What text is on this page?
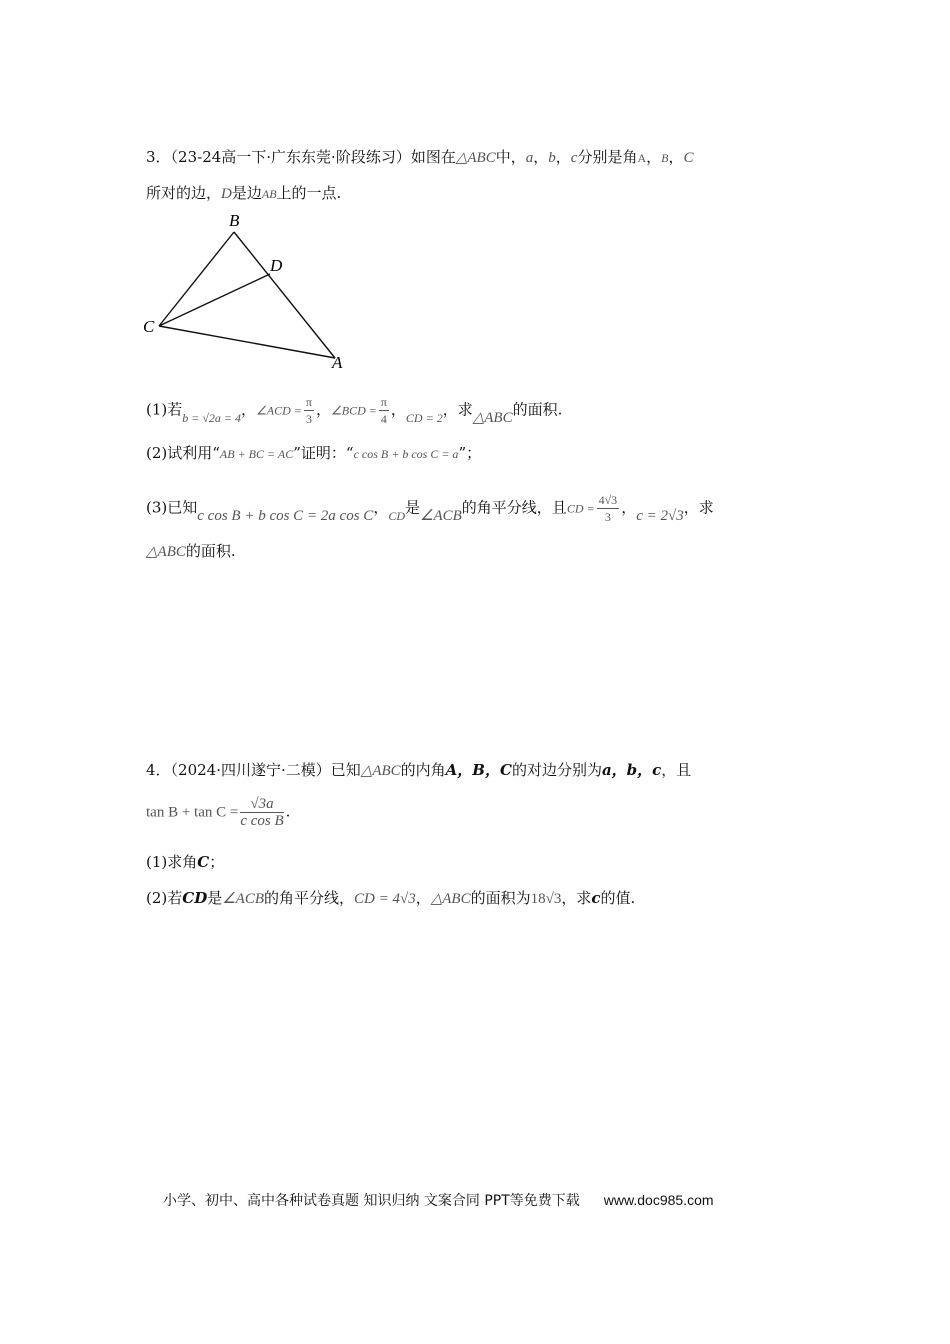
3．（23-24高一下·广东东莞·阶段练习）如图在△ABC中，a，b，c分别是角A，B，C
所对的边，D是边AB上的一点.
B
D
C
A
(1)若$_{b = √2a = 4}$，∠ACD = $\frac{\pi}{3}$ ，∠BCD = $\frac{\pi}{4}$ ，$_{CD = 2}$，求△ABC的面积.
(2)试利用“AB + BC = AC”证明：“c cos B + b cos C = a”；
(3)已知c cos B + b cos C = 2a cos C，$_{CD}$是∠ACB的角平分线，且CD = $\frac{4√3}{3}$ ，c = 2√3，求
△ABC的面积.
4．（2024·四川遂宁·二模）已知△ABC的内角A，B，C的对边分别为a，b，c，且
$\tan B + \tan C = \frac{√3a}{\text{c cos B}}$ .
(1)求角C；
(2)若CD是∠ACB的角平分线，CD = 4√3，△ABC的面积为18√3，求c的值.
小学、初中、高中各种试卷真题 知识归纳 文案合同 PPT等免费下载 www.doc985.com
